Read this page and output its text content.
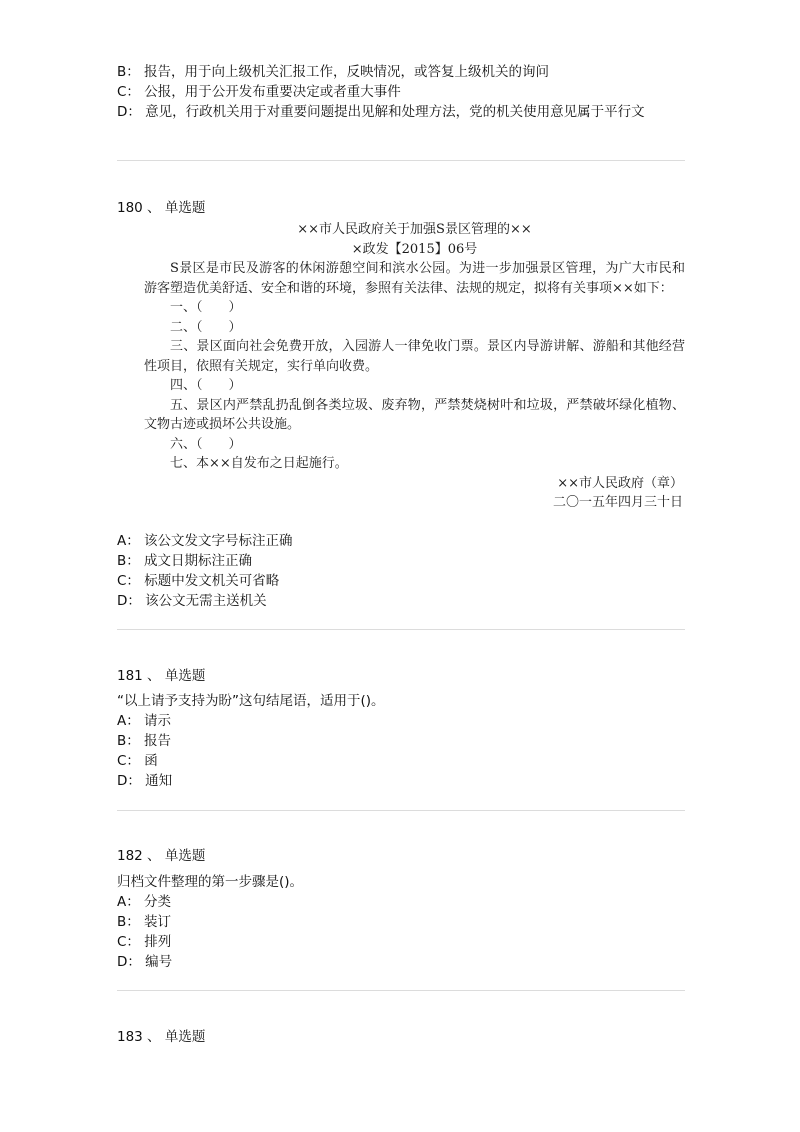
B： 报告，用于向上级机关汇报工作，反映情况，或答复上级机关的询问
C： 公报，用于公开发布重要决定或者重大事件
D： 意见，行政机关用于对重要问题提出见解和处理方法，党的机关使用意见属于平行文
180 、 单选题
××市人民政府关于加强S景区管理的××
×政发【2015】06号
S景区是市民及游客的休闲游憩空间和滨水公园。为进一步加强景区管理，为广大市民和游客塑造优美舒适、安全和谐的环境，参照有关法律、法规的规定，拟将有关事项××如下：
一、（　　）
二、（　　）
三、景区面向社会免费开放，入园游人一律免收门票。景区内导游讲解、游船和其他经营性项目，依照有关规定，实行单向收费。
四、（　　）
五、景区内严禁乱扔乱倒各类垃圾、废弃物，严禁焚烧树叶和垃圾，严禁破坏绿化植物、文物古迹或损坏公共设施。
六、（　　）
七、本××自发布之日起施行。
××市人民政府（章）
二〇一五年四月三十日
A： 该公文发文字号标注正确
B： 成文日期标注正确
C： 标题中发文机关可省略
D： 该公文无需主送机关
181 、 单选题
“以上请予支持为盼”这句结尾语，适用于()。
A： 请示
B： 报告
C： 函
D： 通知
182 、 单选题
归档文件整理的第一步骤是()。
A： 分类
B： 装订
C： 排列
D： 编号
183 、 单选题
